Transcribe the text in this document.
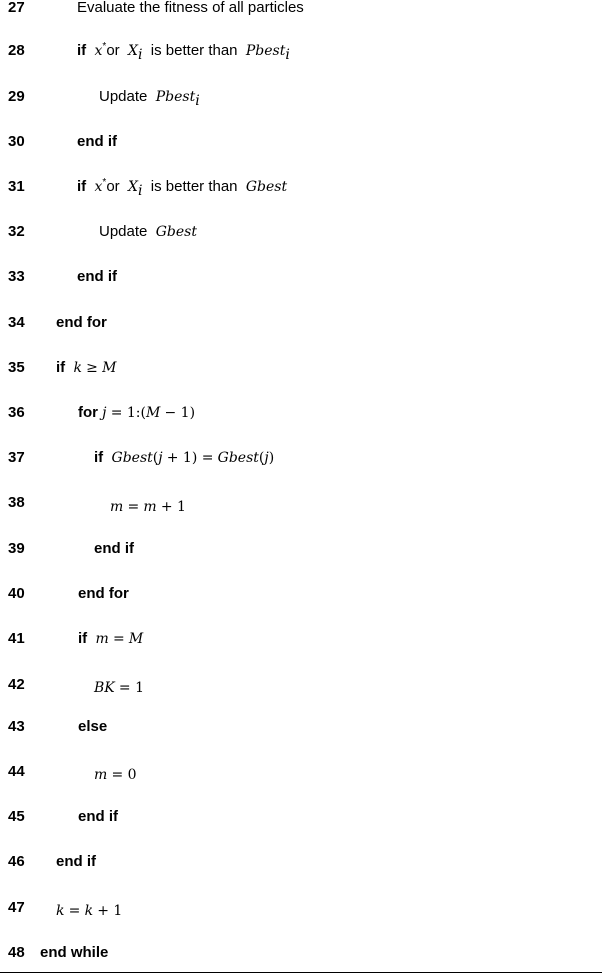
27	Evaluate the fitness of all particles
28	if x*or  $X_i$  is better than  Pbest$_i$
29	Update  Pbest$_i$
30	end if
31	if x*or  $X_i$  is better than  Gbest
32	Update  Gbest
33	end if
34 end for
35 if k ≥ M
36	for j = 1:(M − 1)
37	if Gbest(j + 1) = Gbest(j)
38	m = m + 1
39	end if
40	end for
41	if m = M
42	BK = 1
43	else
44	m = 0
45	end if
46 end if
47 k = k + 1
48 end while
